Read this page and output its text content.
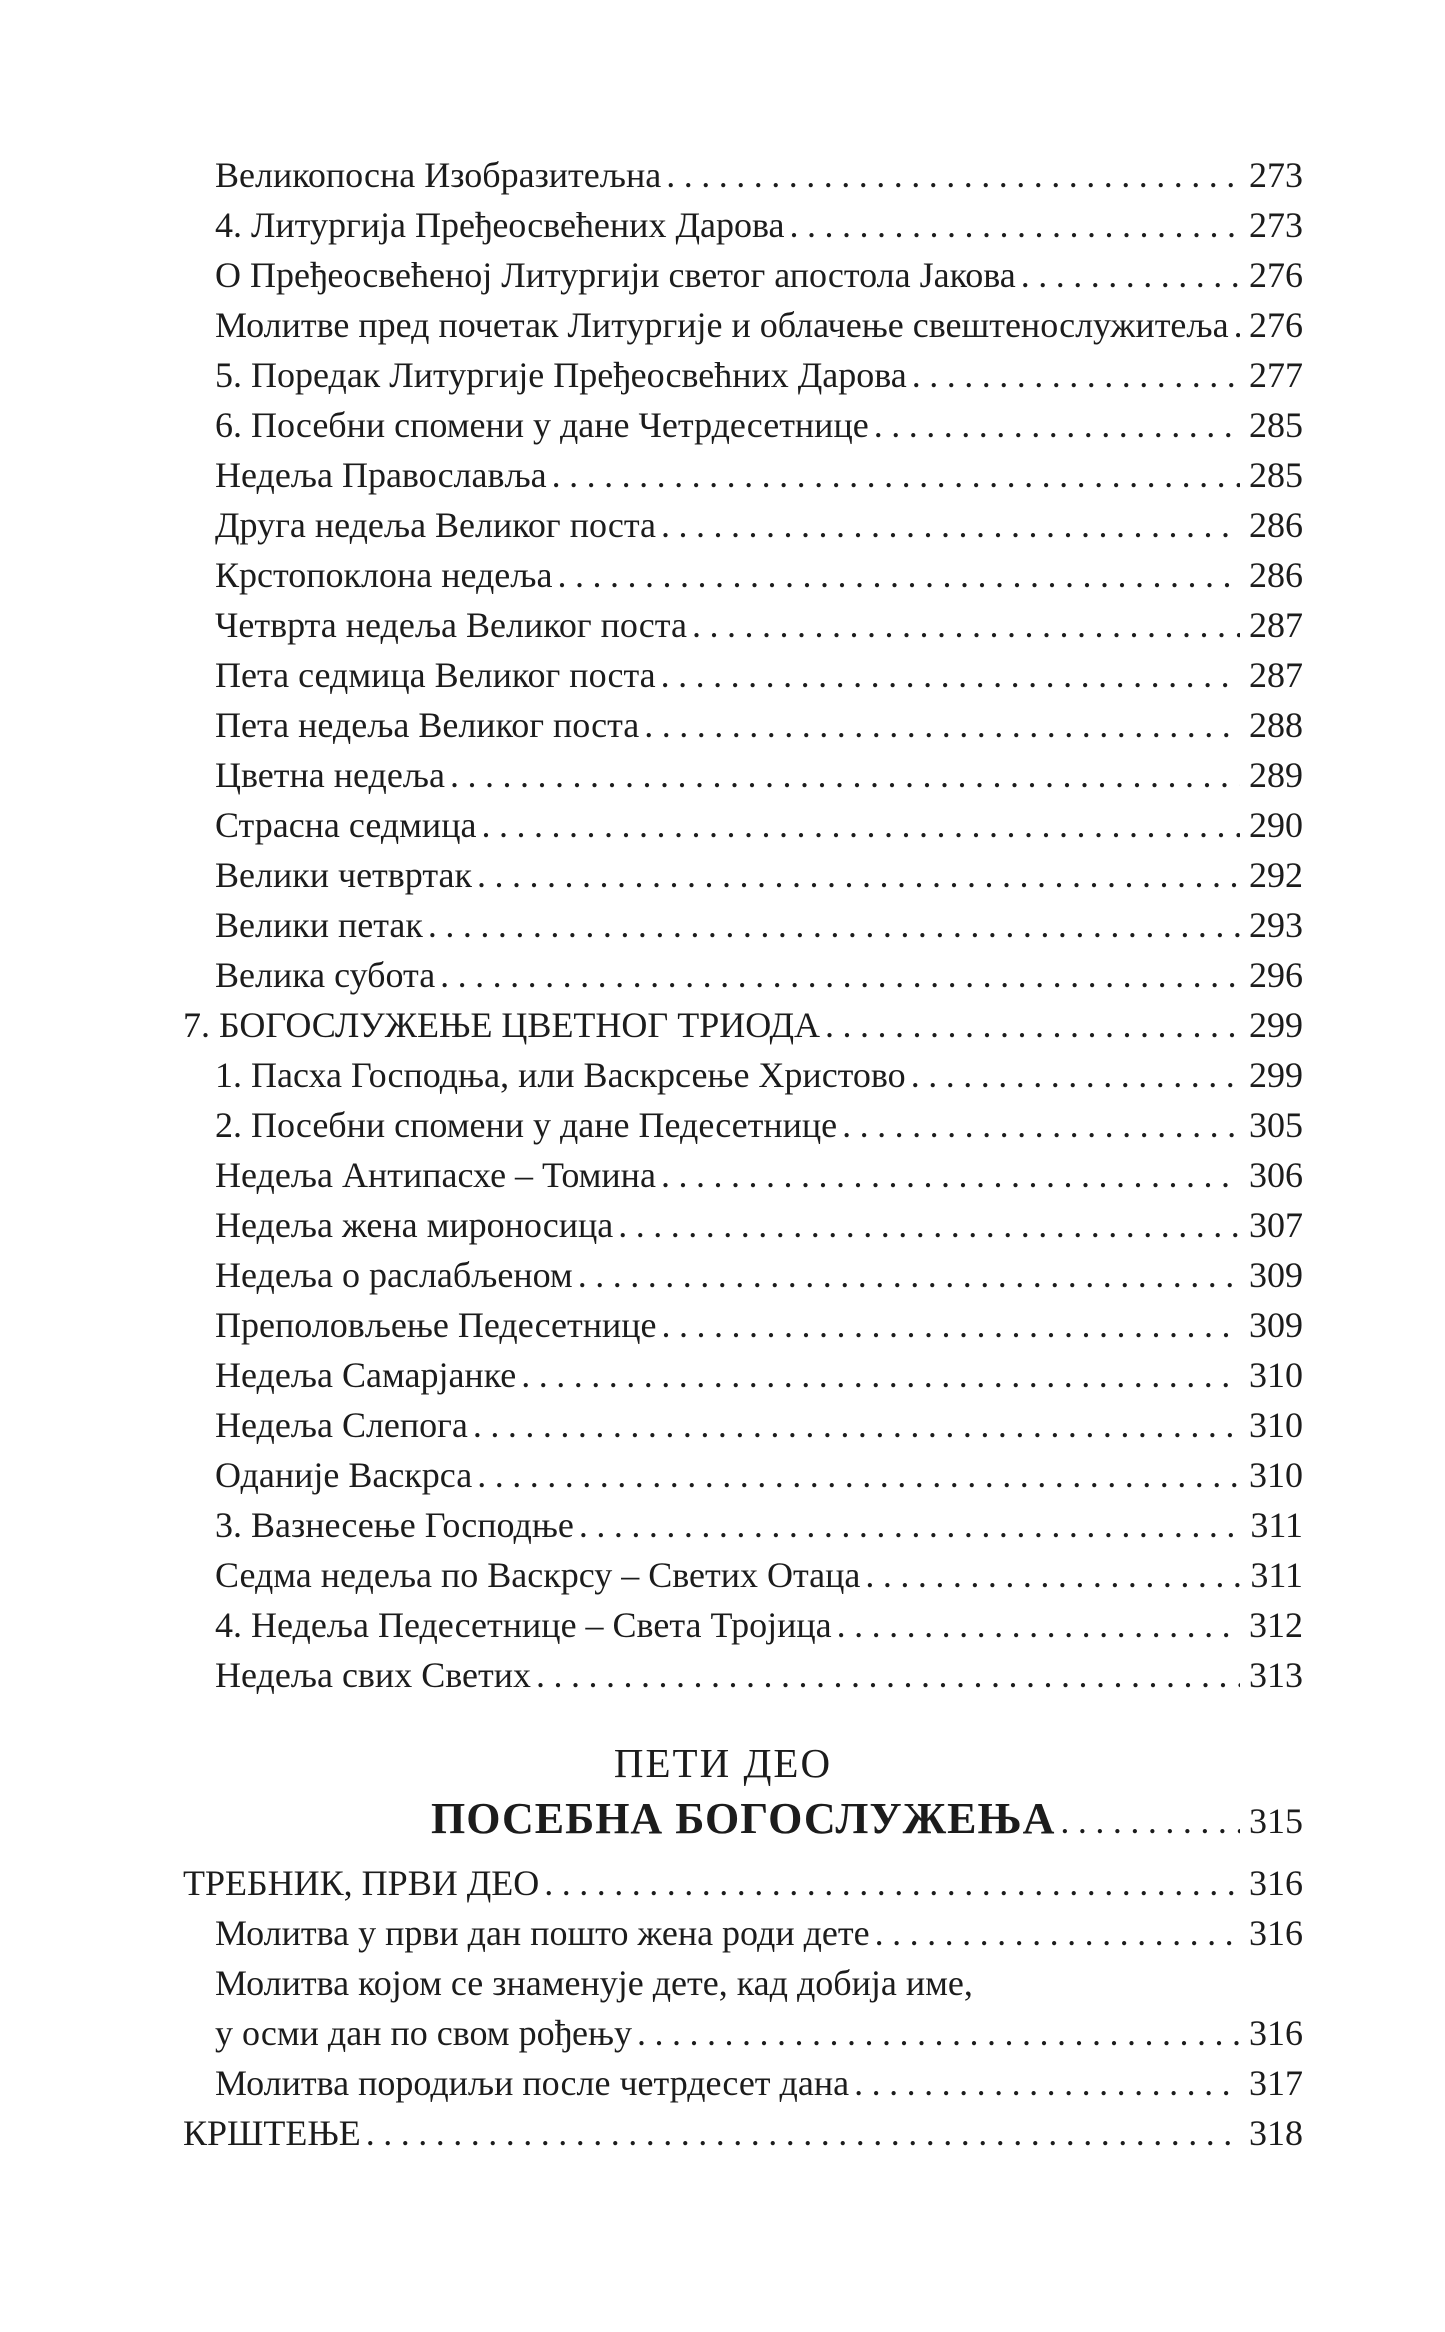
Великопосна Изобразитељна .....	273
4. Литургија Пређеосвећених Дарова .....	273
О Пређеосвећеној Литургији светог апостола Јакова .....	276
Молитве пред почетак Литургије и облачење свештенослужитеља ..... 276
5. Поредак Литургије Пређеосвећних Дарова .....	277
6. Посебни спомени у дане Четрдесетнице .....	285
Недеља Православља .....	285
Друга недеља Великог поста .....	286
Крстопоклона недеља .....	286
Четврта недеља Великог поста .....	287
Пета седмица Великог поста .....	287
Пета недеља Великог поста .....	288
Цветна недеља .....	289
Страсна седмица .....	290
Велики четвртак .....	292
Велики петак .....	293
Велика субота .....	296
7. БОГОСЛУЖЕЊЕ ЦВЕТНОГ ТРИОДА .....	299
1. Пасха Господња, или Васкрсење Христово .....	299
2. Посебни спомени у дане Педесетнице .....	305
Недеља Антипасхе – Томина .....	306
Недеља жена мироносица .....	307
Недеља о раслабљеном .....	309
Преполовљење Педесетнице .....	309
Недеља Самарјанке .....	310
Недеља Слепога .....	310
Оданије Васкрса .....	310
3. Вазнесење Господње .....	311
Седма недеља по Васкрсу – Светих Отаца .....	311
4. Недеља Педесетнице – Света Тројица .....	312
Недеља свих Светих .....	313
ПЕТИ ДЕО
ПОСЕБНА БОГОСЛУЖЕЊА .....	315
ТРЕБНИК, ПРВИ ДЕО .....	316
Молитва у први дан пошто жена роди дете .....	316
Молитва којом се знаменује дете, кад добија име,
у осми дан по свом рођењу .....	316
Молитва породиљи после четрдесет дана .....	317
КРШТЕЊЕ .....	318
